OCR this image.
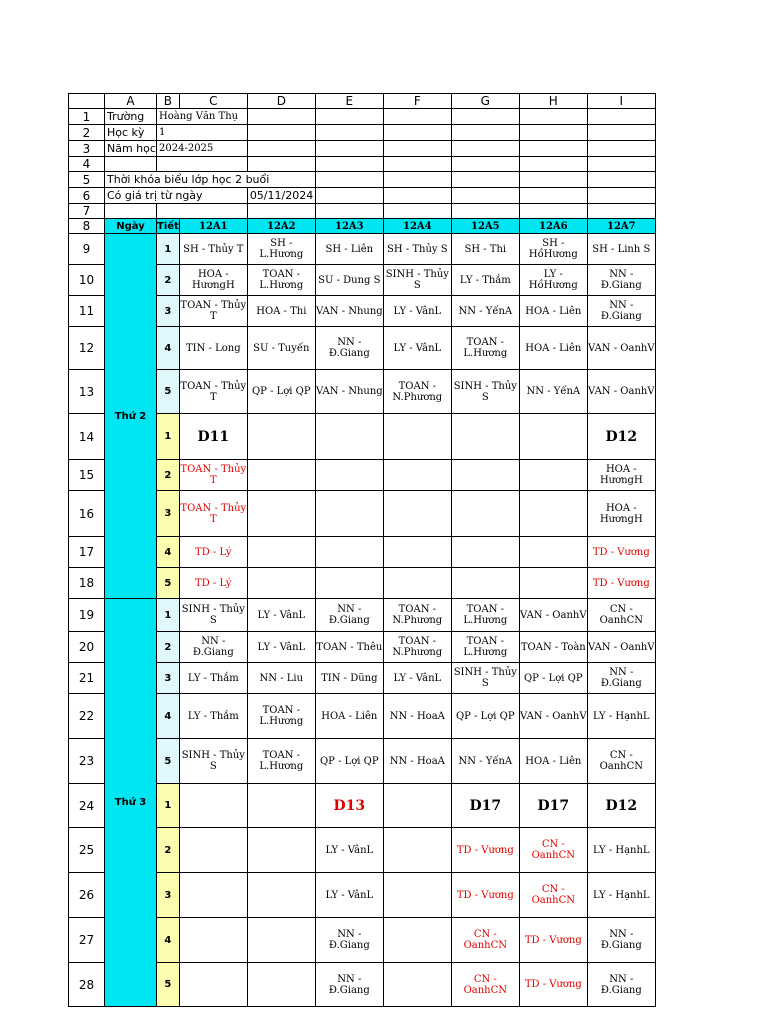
	A	B	C	D	E	F	G	H	I
1	Trường	Hoàng Văn Thụ							
2	Học kỳ	1							
3	Năm học	2024-2025							
4									
5	Thời khóa biểu lớp học 2 buổi								
6	Có giá trị từ ngày			05/11/2024					
7									
8	Ngày	Tiết	12A1	12A2	12A3	12A4	12A5	12A6	12A7
9	Thứ 2	1	SH - Thủy T	SH - L.Hương	SH - Liên	SH - Thủy S	SH - Thi	SH - HồHương	SH - Linh S
10		2	HOA - HươngH	TOAN - L.Hương	SU - Dung S	SINH - Thủy S	LY - Thắm	LY - HồHương	NN - Đ.Giang
11		3	TOAN - Thủy T	HOA - Thi	VAN - Nhung	LY - VânL	NN - YếnA	HOA - Liên	NN - Đ.Giang
12		4	TIN - Long	SU - Tuyến	NN - Đ.Giang	LY - VânL	TOAN - L.Hương	HOA - Liên	VAN - OanhV
13		5	TOAN - Thủy T	QP - Lợi QP	VAN - Nhung	TOAN - N.Phương	SINH - Thủy S	NN - YếnA	VAN - OanhV
14		1	D11						D12
15		2	TOAN - Thủy T						HOA - HươngH
16		3	TOAN - Thủy T						HOA - HươngH
17		4	TD - Lý						TD - Vương
18		5	TD - Lý						TD - Vương
19	Thứ 3	1	SINH - Thủy S	LY - VânL	NN - Đ.Giang	TOAN - N.Phương	TOAN - L.Hương	VAN - OanhV	CN - OanhCN
20		2	NN - Đ.Giang	LY - VânL	TOAN - Thêu	TOAN - N.Phương	TOAN - L.Hương	TOAN - Toàn	VAN - OanhV
21		3	LY - Thắm	NN - Liu	TIN - Dũng	LY - VânL	SINH - Thủy S	QP - Lợi QP	NN - Đ.Giang
22		4	LY - Thắm	TOAN - L.Hương	HOA - Liên	NN - HoaA	QP - Lợi QP	VAN - OanhV	LY - HạnhL
23		5	SINH - Thủy S	TOAN - L.Hương	QP - Lợi QP	NN - HoaA	NN - YếnA	HOA - Liên	CN - OanhCN
24		1			D13		D17	D17	D12
25		2			LY - VânL		TD - Vương	CN - OanhCN	LY - HạnhL
26		3			LY - VânL		TD - Vương	CN - OanhCN	LY - HạnhL
27		4			NN - Đ.Giang		CN - OanhCN	TD - Vương	NN - Đ.Giang
28		5			NN - Đ.Giang		CN - OanhCN	TD - Vương	NN - Đ.Giang
